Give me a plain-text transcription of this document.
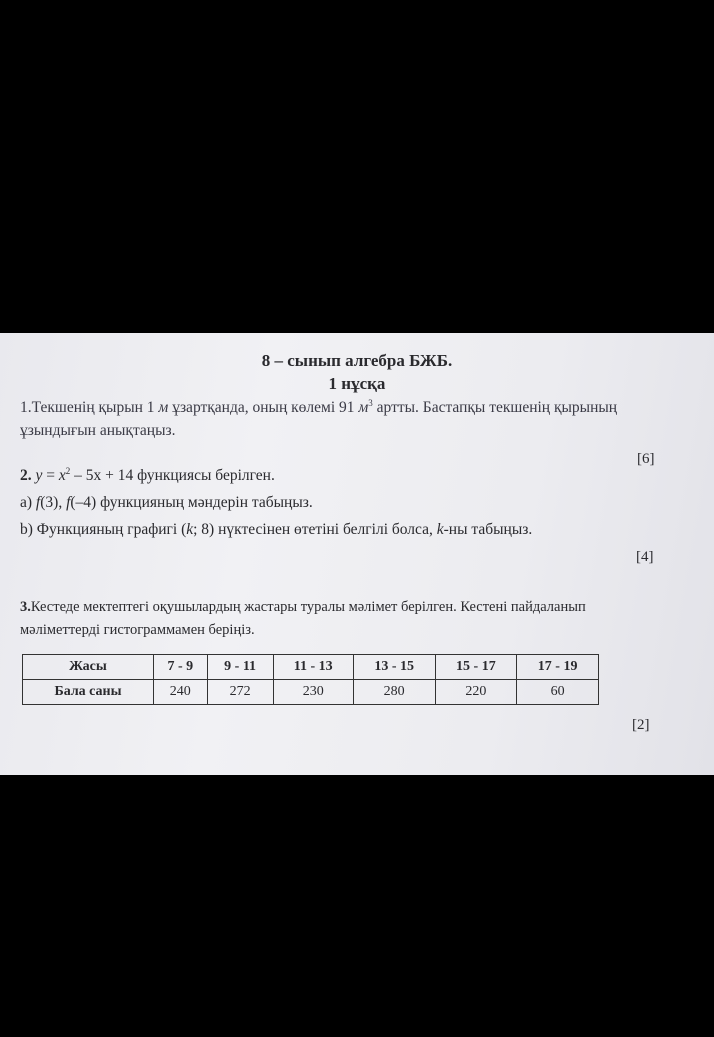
8 – сынып алгебра БЖБ.
1 нұсқа
1.Текшенің қырын 1 м ұзартқанда, оның көлемі 91 $м^3$ артты. Бастапқы текшенің қырының
ұзындығын анықтаңыз.
[6]
2. $y = x^2 - 5x + 14$ функциясы берілген.
a) f(3), f(–4) функцияның мәндерін табыңыз.
b) Функцияның графигі (k; 8) нүктесінен өтетіні белгілі болса, k-ны табыңыз.
[4]
3.Кестеде мектептегі оқушылардың жастары туралы мәлімет берілген. Кестені пайдаланып
мәліметтерді гистограммамен беріңіз.
Жасы	7 - 9	9 - 11	11 - 13	13 - 15	15 - 17	17 - 19
Бала саны	240	272	230	280	220	60
[2]
